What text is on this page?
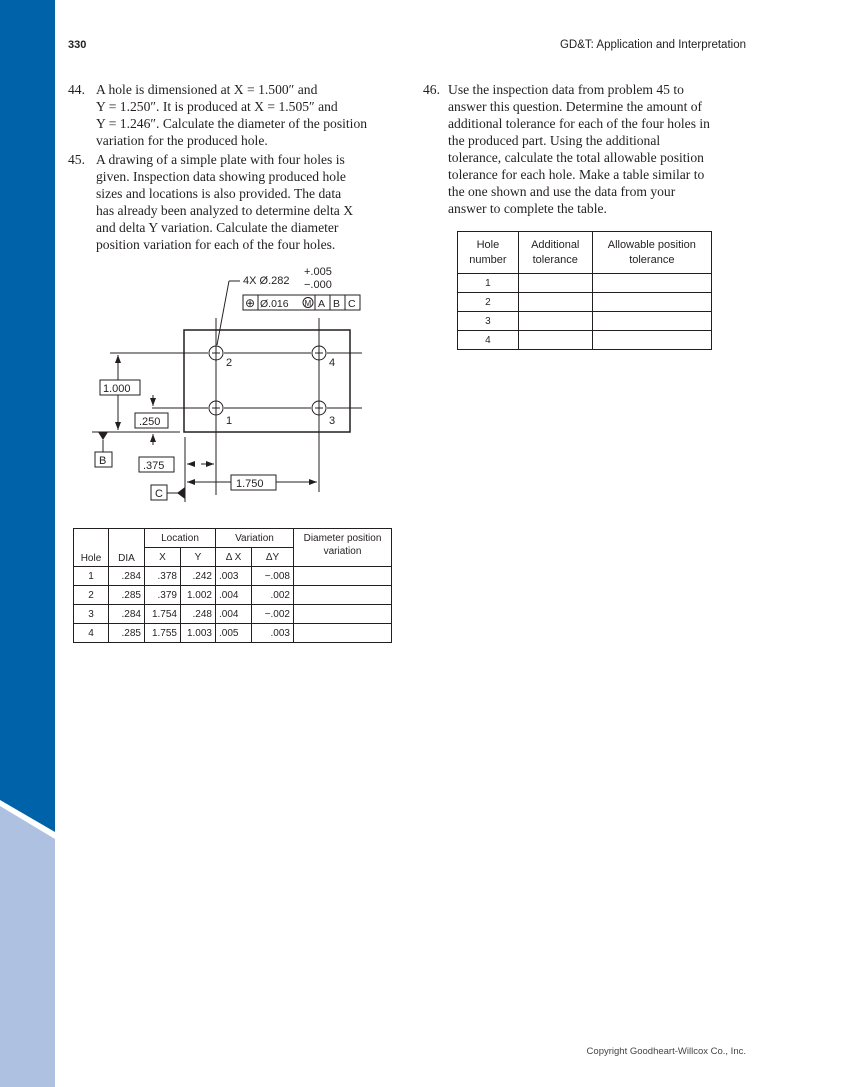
330	GD&T: Application and Interpretation
44. A hole is dimensioned at X = 1.500″ and
Y = 1.250″. It is produced at X = 1.505″ and
Y = 1.246″. Calculate the diameter of the position
variation for the produced hole.
45. A drawing of a simple plate with four holes is
given. Inspection data showing produced hole
sizes and locations is also provided. The data
has already been analyzed to determine delta X
and delta Y variation. Calculate the diameter
position variation for each of the four holes.
46. Use the inspection data from problem 45 to
answer this question. Determine the amount of
additional tolerance for each of the four holes in
the produced part. Using the additional
tolerance, calculate the total allowable position
tolerance for each hole. Make a table similar to
the one shown and use the data from your
answer to complete the table.
4X Ø.282
+.005
−.000
⊕ Ø.016 M A B C
2	4
1	3
1.000
.250
.375
1.750
B
C
Hole	DIA	Location		Variation		Diameter position variation
		X	Y	Δ X	ΔY	
1	.284	.378	.242	.003	−.008	
2	.285	.379	1.002	.004	.002	
3	.284	1.754	.248	.004	−.002	
4	.285	1.755	1.003	.005	.003	
Hole number	Additional tolerance	Allowable position tolerance
1		
2		
3		
4		
Copyright Goodheart-Willcox Co., Inc.
